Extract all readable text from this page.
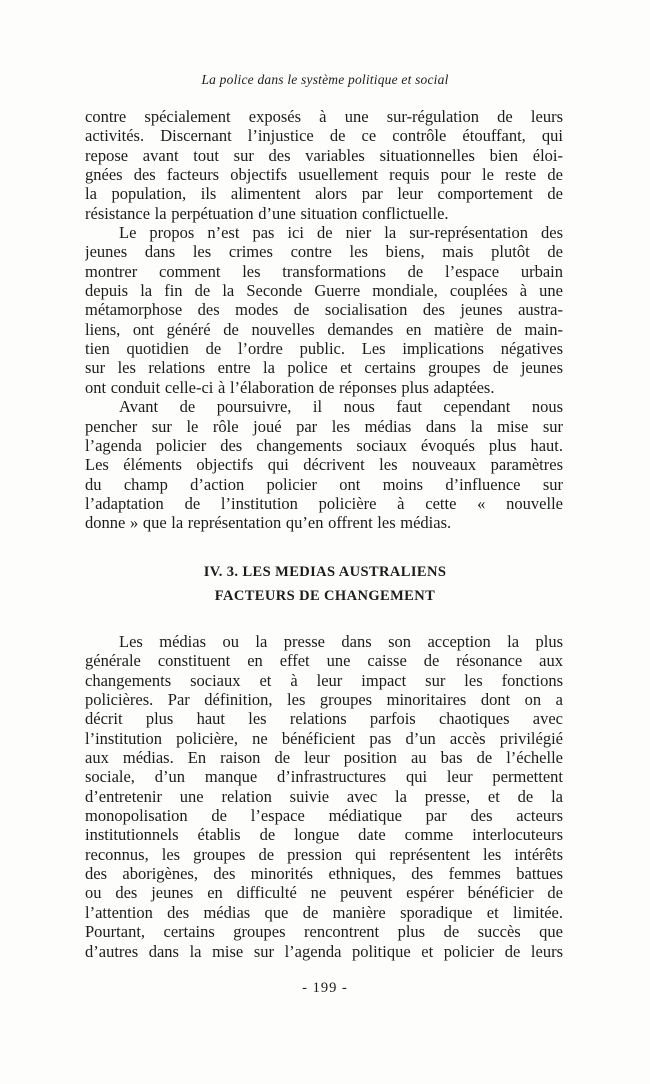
La police dans le système politique et social
contre spécialement exposés à une sur-régulation de leurs
activités. Discernant l’injustice de ce contrôle étouffant, qui
repose avant tout sur des variables situationnelles bien éloi-
gnées des facteurs objectifs usuellement requis pour le reste de
la population, ils alimentent alors par leur comportement de
résistance la perpétuation d’une situation conflictuelle.
Le propos n’est pas ici de nier la sur-représentation des
jeunes dans les crimes contre les biens, mais plutôt de
montrer comment les transformations de l’espace urbain
depuis la fin de la Seconde Guerre mondiale, couplées à une
métamorphose des modes de socialisation des jeunes austra-
liens, ont généré de nouvelles demandes en matière de main-
tien quotidien de l’ordre public. Les implications négatives
sur les relations entre la police et certains groupes de jeunes
ont conduit celle-ci à l’élaboration de réponses plus adaptées.
Avant de poursuivre, il nous faut cependant nous
pencher sur le rôle joué par les médias dans la mise sur
l’agenda policier des changements sociaux évoqués plus haut.
Les éléments objectifs qui décrivent les nouveaux paramètres
du champ d’action policier ont moins d’influence sur
l’adaptation de l’institution policière à cette « nouvelle
donne » que la représentation qu’en offrent les médias.
IV. 3. LES MEDIAS AUSTRALIENS
FACTEURS DE CHANGEMENT
Les médias ou la presse dans son acception la plus
générale constituent en effet une caisse de résonance aux
changements sociaux et à leur impact sur les fonctions
policières. Par définition, les groupes minoritaires dont on a
décrit plus haut les relations parfois chaotiques avec
l’institution policière, ne bénéficient pas d’un accès privilégié
aux médias. En raison de leur position au bas de l’échelle
sociale, d’un manque d’infrastructures qui leur permettent
d’entretenir une relation suivie avec la presse, et de la
monopolisation de l’espace médiatique par des acteurs
institutionnels établis de longue date comme interlocuteurs
reconnus, les groupes de pression qui représentent les intérêts
des aborigènes, des minorités ethniques, des femmes battues
ou des jeunes en difficulté ne peuvent espérer bénéficier de
l’attention des médias que de manière sporadique et limitée.
Pourtant, certains groupes rencontrent plus de succès que
d’autres dans la mise sur l’agenda politique et policier de leurs
- 199 -
